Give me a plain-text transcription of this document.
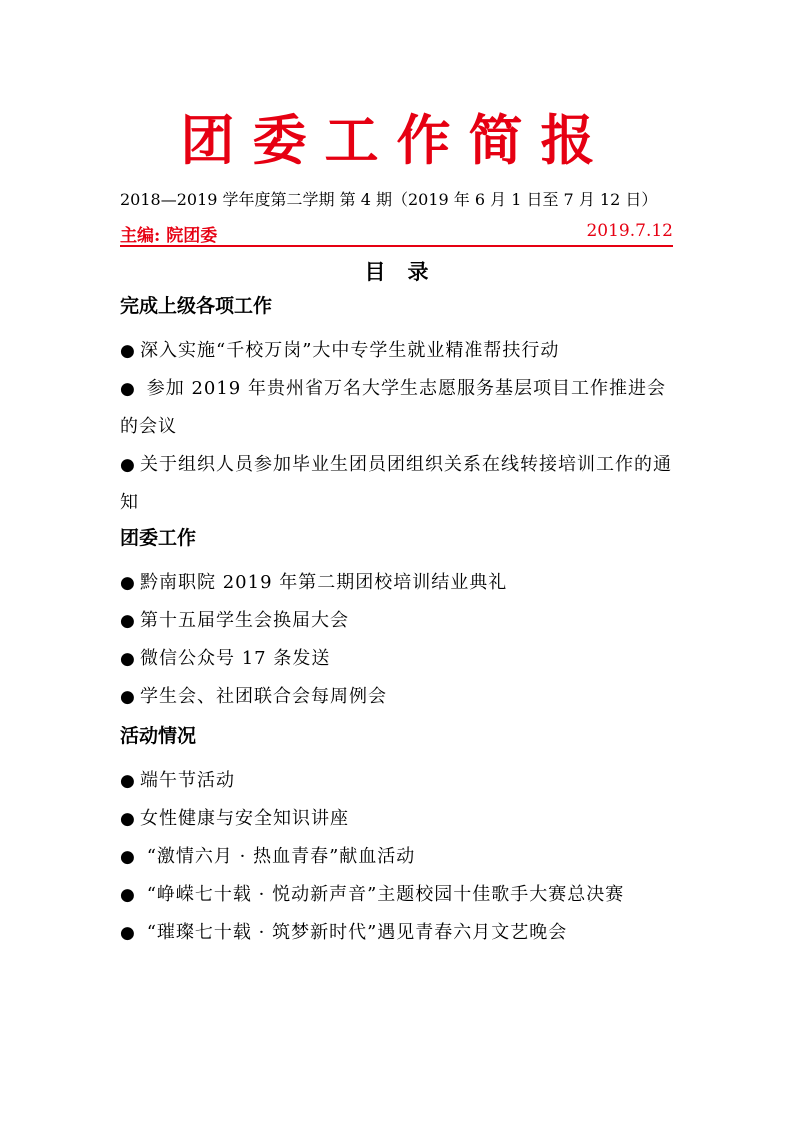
团委工作简报
2018—2019 学年度第二学期 第 4 期（2019 年 6 月 1 日至 7 月 12 日）
主编: 院团委	2019.7.12
目录

完成上级各项工作

● 深入实施“千校万岗”大中专学生就业精准帮扶行动

● 参加 2019 年贵州省万名大学生志愿服务基层项目工作推进会的会议

● 关于组织人员参加毕业生团员团组织关系在线转接培训工作的通知

团委工作

● 黔南职院 2019 年第二期团校培训结业典礼

● 第十五届学生会换届大会

● 微信公众号 17 条发送

● 学生会、社团联合会每周例会

活动情况

● 端午节活动

● 女性健康与安全知识讲座

● “激情六月 · 热血青春”献血活动

● “峥嵘七十载 · 悦动新声音”主题校园十佳歌手大赛总决赛

● “璀璨七十载 · 筑梦新时代”遇见青春六月文艺晚会
